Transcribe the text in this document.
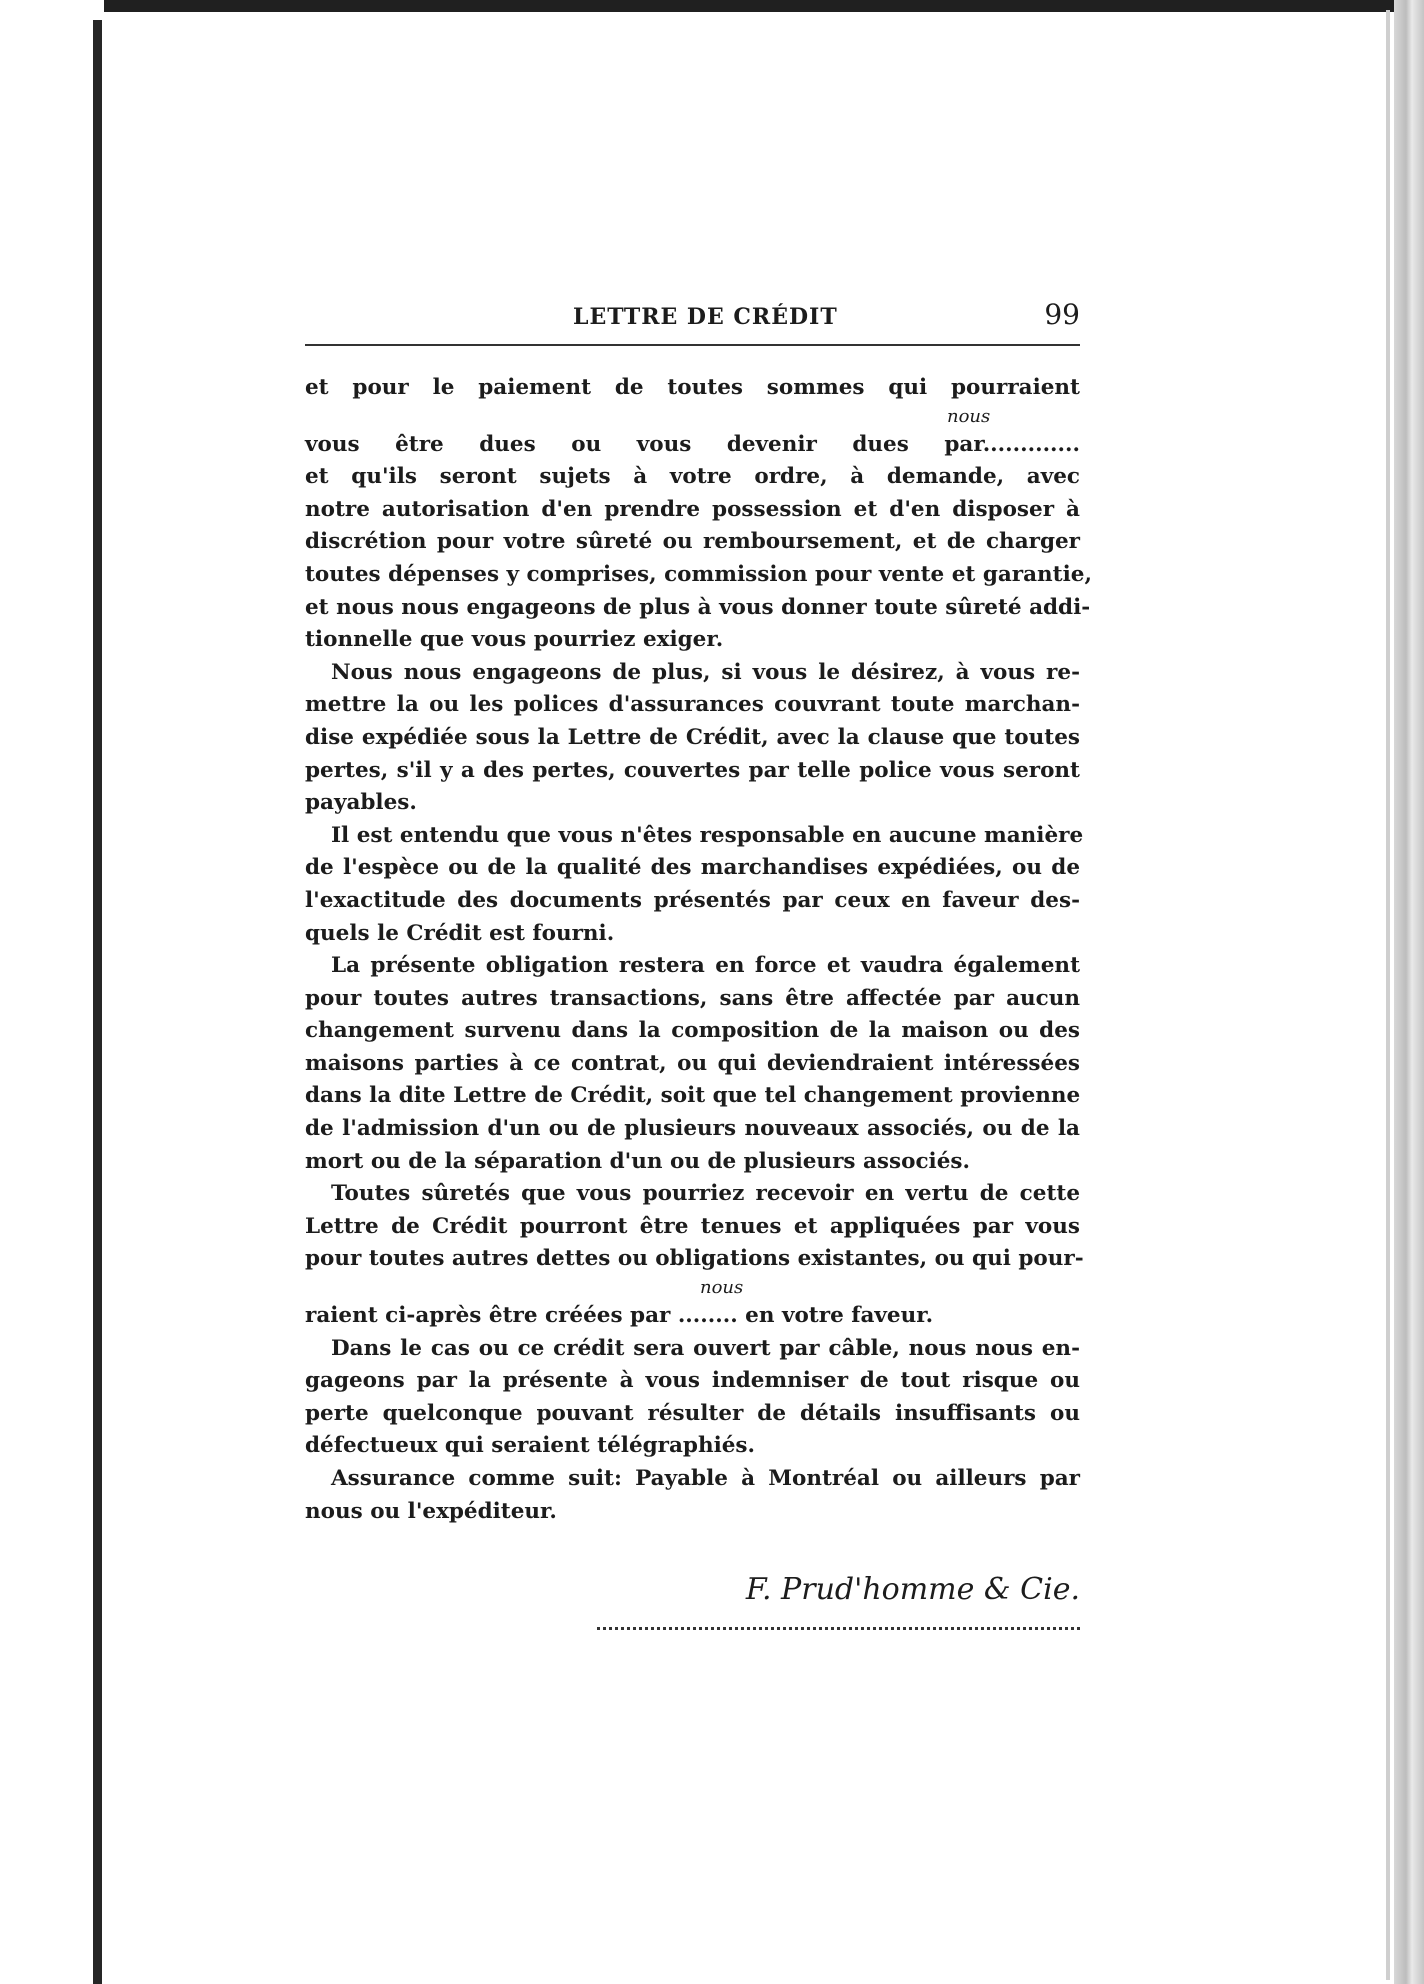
LETTRE DE CRÉDIT	99

et pour le paiement de toutes sommes qui pourraient
nous
vous être dues ou vous devenir dues par.............
et qu'ils seront sujets à votre ordre, à demande, avec
notre autorisation d'en prendre possession et d'en disposer à
discrétion pour votre sûreté ou remboursement, et de charger
toutes dépenses y comprises, commission pour vente et garantie,
et nous nous engageons de plus à vous donner toute sûreté addi-
tionnelle que vous pourriez exiger.

Nous nous engageons de plus, si vous le désirez, à vous re-
mettre la ou les polices d'assurances couvrant toute marchan-
dise expédiée sous la Lettre de Crédit, avec la clause que toutes
pertes, s'il y a des pertes, couvertes par telle police vous seront
payables.

Il est entendu que vous n'êtes responsable en aucune manière
de l'espèce ou de la qualité des marchandises expédiées, ou de
l'exactitude des documents présentés par ceux en faveur des-
quels le Crédit est fourni.

La présente obligation restera en force et vaudra également
pour toutes autres transactions, sans être affectée par aucun
changement survenu dans la composition de la maison ou des
maisons parties à ce contrat, ou qui deviendraient intéressées
dans la dite Lettre de Crédit, soit que tel changement provienne
de l'admission d'un ou de plusieurs nouveaux associés, ou de la
mort ou de la séparation d'un ou de plusieurs associés.

Toutes sûretés que vous pourriez recevoir en vertu de cette
Lettre de Crédit pourront être tenues et appliquées par vous
pour toutes autres dettes ou obligations existantes, ou qui pour-
nous
raient ci-après être créées par ........ en votre faveur.

Dans le cas ou ce crédit sera ouvert par câble, nous nous en-
gageons par la présente à vous indemniser de tout risque ou
perte quelconque pouvant résulter de détails insuffisants ou
défectueux qui seraient télégraphiés.

Assurance comme suit: Payable à Montréal ou ailleurs par
nous ou l'expéditeur.

F. Prud'homme & Cie.
